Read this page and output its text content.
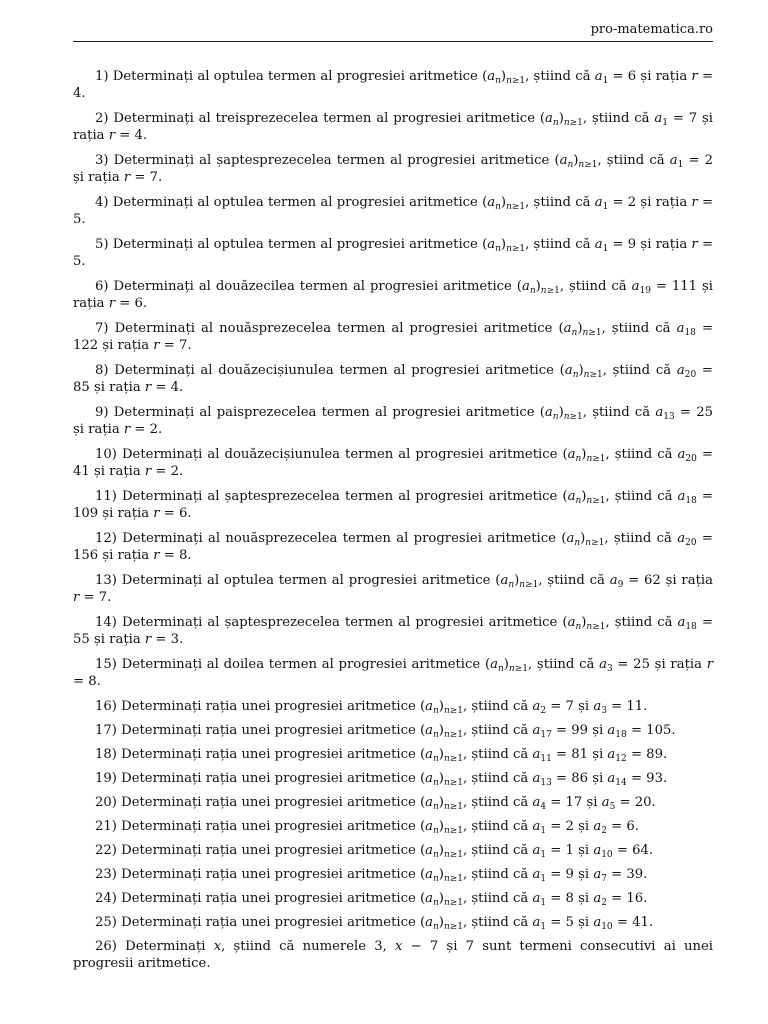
pro-matematica.ro

1) Determinați al optulea termen al progresiei aritmetice $(a_n)_{n\ge 1}$, știind că $a_1 = 6$ și rația r = 4.

2) Determinați al treisprezecelea termen al progresiei aritmetice $(a_n)_{n\ge 1}$, știind că $a_1 = 7$ și rația r = 4.

3) Determinați al șaptesprezecelea termen al progresiei aritmetice $(a_n)_{n\ge 1}$, știind că $a_1 = 2$ și rația r = 7.

4) Determinați al optulea termen al progresiei aritmetice $(a_n)_{n\ge 1}$, știind că $a_1 = 2$ și rația r = 5.

5) Determinați al optulea termen al progresiei aritmetice $(a_n)_{n\ge 1}$, știind că $a_1 = 9$ și rația r = 5.

6) Determinați al douăzecilea termen al progresiei aritmetice $(a_n)_{n\ge 1}$, știind că $a_{19} = 111$ și rația r = 6.

7) Determinați al nouăsprezecelea termen al progresiei aritmetice $(a_n)_{n\ge 1}$, știind că $a_{18} = 122$ și rația r = 7.

8) Determinați al douăzecișiunulea termen al progresiei aritmetice $(a_n)_{n\ge 1}$, știind că $a_{20} = 85$ și rația r = 4.

9) Determinați al paisprezecelea termen al progresiei aritmetice $(a_n)_{n\ge 1}$, știind că $a_{13} = 25$ și rația r = 2.

10) Determinați al douăzecișiunulea termen al progresiei aritmetice $(a_n)_{n\ge 1}$, știind că $a_{20} = 41$ și rația r = 2.

11) Determinați al șaptesprezecelea termen al progresiei aritmetice $(a_n)_{n\ge 1}$, știind că $a_{18} = 109$ și rația r = 6.

12) Determinați al nouăsprezecelea termen al progresiei aritmetice $(a_n)_{n\ge 1}$, știind că $a_{20} = 156$ și rația r = 8.

13) Determinați al optulea termen al progresiei aritmetice $(a_n)_{n\ge 1}$, știind că $a_9 = 62$ și rația r = 7.

14) Determinați al șaptesprezecelea termen al progresiei aritmetice $(a_n)_{n\ge 1}$, știind că $a_{18} = 55$ și rația r = 3.

15) Determinați al doilea termen al progresiei aritmetice $(a_n)_{n\ge 1}$, știind că $a_3 = 25$ și rația r = 8.

16) Determinați rația unei progresiei aritmetice $(a_n)_{n\ge 1}$, știind că $a_2 = 7$ și $a_3 = 11$.

17) Determinați rația unei progresiei aritmetice $(a_n)_{n\ge 1}$, știind că $a_{17} = 99$ și $a_{18} = 105$.

18) Determinați rația unei progresiei aritmetice $(a_n)_{n\ge 1}$, știind că $a_{11} = 81$ și $a_{12} = 89$.

19) Determinați rația unei progresiei aritmetice $(a_n)_{n\ge 1}$, știind că $a_{13} = 86$ și $a_{14} = 93$.

20) Determinați rația unei progresiei aritmetice $(a_n)_{n\ge 1}$, știind că $a_4 = 17$ și $a_5 = 20$.

21) Determinați rația unei progresiei aritmetice $(a_n)_{n\ge 1}$, știind că $a_1 = 2$ și $a_2 = 6$.

22) Determinați rația unei progresiei aritmetice $(a_n)_{n\ge 1}$, știind că $a_1 = 1$ și $a_{10} = 64$.

23) Determinați rația unei progresiei aritmetice $(a_n)_{n\ge 1}$, știind că $a_1 = 9$ și $a_7 = 39$.

24) Determinați rația unei progresiei aritmetice $(a_n)_{n\ge 1}$, știind că $a_1 = 8$ și $a_2 = 16$.

25) Determinați rația unei progresiei aritmetice $(a_n)_{n\ge 1}$, știind că $a_1 = 5$ și $a_{10} = 41$.

26) Determinați x, știind că numerele 3, x − 7 și 7 sunt termeni consecutivi ai unei progresii aritmetice.
